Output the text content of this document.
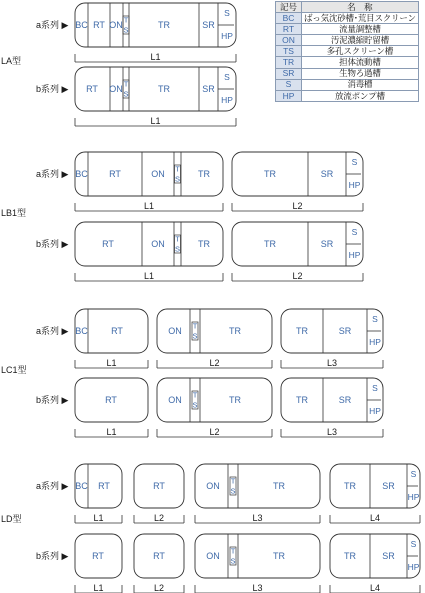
LA型
a系列 ▶ BC RT ON T
S	TR	SR
S
HP
L1
b系列 ▶ RT ON T
S	TR	SR
S
HP
L1
LB1型
a系列 ▶ BC RT	ON T
S TR
L1
TR	SR
S
HP
L2
b系列 ▶	RT	ON T
S TR
L1
TR	SR
S
HP
L2
LC1型
a系列 ▶ BC	RT
L1
ON T
S	TR
L2
TR	SR
S
HP
L3
b系列 ▶	RT
L1
ON T
S	TR
L2
TR	SR
S
HP
L3
LD型
a系列 ▶ BC RT
L1
RT
L2
ON T
S	TR
L3
TR	SR
S
HP
L4
b系列 ▶	RT
L1
RT
L2
ON T
S	TR
L3
TR	SR
S
HP
L4
記号	名　称
BC	ばっ気沈砂槽･荒目スクリーン
RT	流量調整槽
ON	汚泥濃縮貯留槽
TS	多孔スクリーン槽
TR	担体流動槽
SR	生物ろ過槽
S	消毒槽
HP	放流ポンプ槽
